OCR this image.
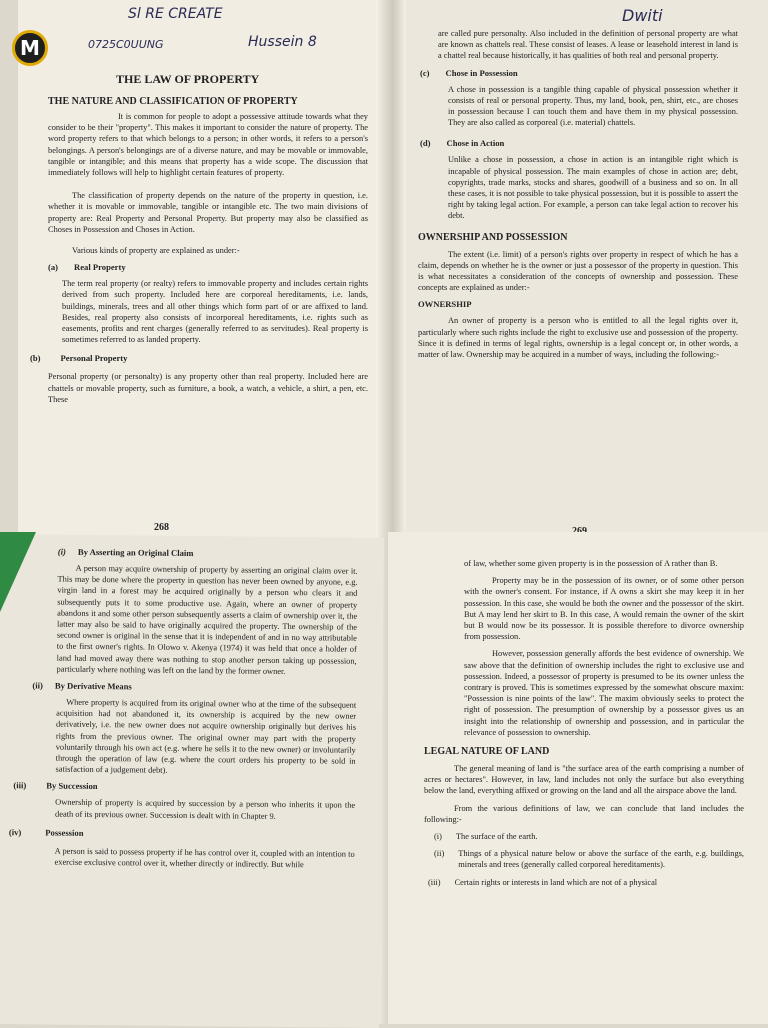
Sl RE CREATE
0725C0UUNG	Hussein 8
THE LAW OF PROPERTY

THE NATURE AND CLASSIFICATION OF PROPERTY

It is common for people to adopt a possessive attitude towards what they consider to be their "property". This makes it important to consider the nature of property. The word property refers to that which belongs to a person; in other words, it refers to a person's belongings. A person's belongings are of a diverse nature, and may be movable or immovable, tangible or intangible; and this means that property has a wide scope. The discussion that immediately follows will help to highlight certain features of property.

The classification of property depends on the nature of the property in question, i.e. whether it is movable or immovable, tangible or intangible etc. The two main divisions of property are: Real Property and Personal Property. But property may also be classified as Choses in Possession and Choses in Action.

Various kinds of property are explained as under:-

(a) Real Property

The term real property (or realty) refers to immovable property and includes certain rights derived from such property. Included here are corporeal hereditaments, i.e. lands, buildings, minerals, trees and all other things which form part of or are affixed to land. Besides, real property also consists of incorporeal hereditaments, i.e. rights such as easements, profits and rent charges (generally referred to as servitudes). Real property is sometimes referred to as landed property.

(b) Personal Property

Personal property (or personalty) is any property other than real property. Included here are chattels or movable property, such as furniture, a book, a watch, a vehicle, a shirt, a pen, etc. These

268
Dwiti

are called pure personalty. Also included in the definition of personal property are what are known as chattels real. These consist of leases. A lease or leasehold interest in land is a chattel real because historically, it has qualities of both real and personal property.

(c) Chose in Possession

A chose in possession is a tangible thing capable of physical possession whether it consists of real or personal property. Thus, my land, book, pen, shirt, etc., are choses in possession because I can touch them and have them in my physical possession. They are also called as corporeal (i.e. material) chattels.

(d) Chose in Action

Unlike a chose in possession, a chose in action is an intangible right which is incapable of physical possession. The main examples of chose in action are; debt, copyrights, trade marks, stocks and shares, goodwill of a business and so on. In all these cases, it is not possible to take physical possession, but it is possible to assert the right by taking legal action. For example, a person can take legal action to recover his debt.

OWNERSHIP AND POSSESSION

The extent (i.e. limit) of a person's rights over property in respect of which he has a claim, depends on whether he is the owner or just a possessor of the property in question. This is what necessitates a consideration of the concepts of ownership and possession. These concepts are explained as under:-

OWNERSHIP

An owner of property is a person who is entitled to all the legal rights over it, particularly where such rights include the right to exclusive use and possession of the property. Since it is defined in terms of legal rights, ownership is a legal concept or, in other words, a matter of law. Ownership may be acquired in a number of ways, including the following:-

(i) By Asserting an Original Claim

A person may acquire ownership of property by asserting an original claim over it. This may be done where the property in question has never been owned by anyone, e.g. virgin land in a forest may be acquired originally by a person who clears it and subsequently puts it to some productive use. Again, where an owner of property abandons it and some other person subsequently asserts a claim of ownership over it, the latter may also be said to have originally acquired the property. The ownership of the second owner is original in the sense that it is independent of and in no way attributable to the first owner's rights. In Olowo v. Akenya (1974) it was held that once a holder of land had moved away there was nothing to stop another person taking up possession, particularly where nothing was left on the land by the former owner.

(ii) By Derivative Means

Where property is acquired from its original owner who at the time of the subsequent acquisition had not abandoned it, its ownership is acquired by the new owner derivatively, i.e. the new owner does not acquire ownership originally but derives his rights from the previous owner. The original owner may part with the property voluntarily through his own act (e.g. where he sells it to the new owner) or involuntarily through the operation of law (e.g. where the court orders his property to be sold in satisfaction of a judgement debt).

(iii) By Succession

Ownership of property is acquired by succession by a person who inherits it upon the death of its previous owner. Succession is dealt with in Chapter 9.

(iv)	Possession

A person is said to possess property if he has control over it, coupled with an intention to exercise exclusive control over it, whether directly or indirectly. But while

of law, whether some given property is in the possession of A rather than B.

Property may be in the possession of its owner, or of some other person with the owner's consent. For instance, if A owns a skirt she may keep it in her possession. In this case, she would be both the owner and the possessor of the skirt. But A may lend her skirt to B. In this case, A would remain the owner of the skirt but B would now be its possessor. It is possible therefore to divorce ownership from possession.

However, possession generally affords the best evidence of ownership. We saw above that the definition of ownership includes the right to exclusive use and possession. Indeed, a possessor of property is presumed to be its owner unless the contrary is proved. This is sometimes expressed by the somewhat obscure maxim: "Possession is nine points of the law". The maxim obviously seeks to protect the right of possession. The presumption of ownership by a possessor gives us an insight into the relationship of ownership and possession, and in particular the relevance of possession to ownership.

LEGAL NATURE OF LAND

The general meaning of land is "the surface area of the earth comprising a number of acres or hectares". However, in law, land includes not only the surface but also everything below the land, everything affixed or growing on the land and all the airspace above the land.

From the various definitions of law, we can conclude that land includes the following:-

(i) The surface of the earth.
(ii) Things of a physical nature below or above the surface of the earth, e.g. buildings, minerals and trees (generally called corporeal hereditaments).
(iii) Certain rights or interests in land which are not of a physical
M
